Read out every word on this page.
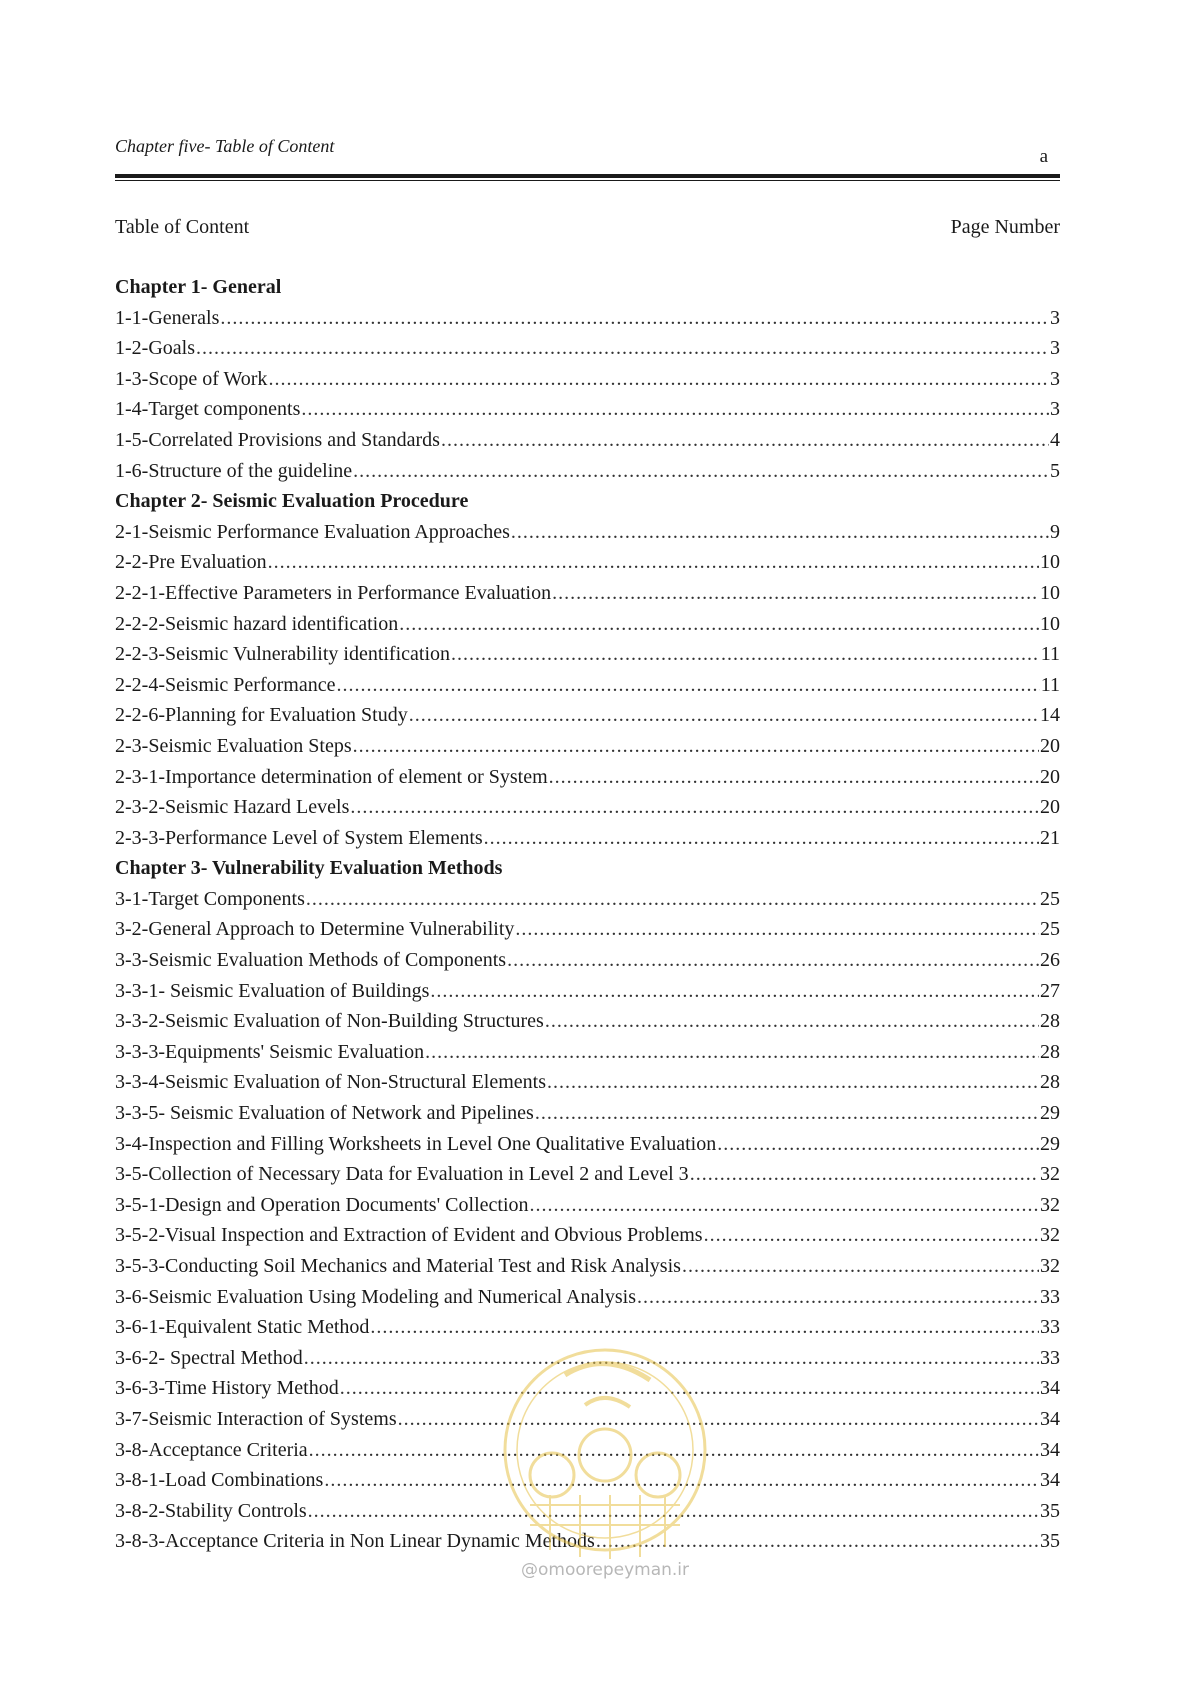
Chapter five- Table of Content	a
Table of Content	Page Number
Chapter 1- General
1-1-Generals .....	3
1-2-Goals .....	3
1-3-Scope of Work .....	3
1-4-Target components .....	3
1-5-Correlated Provisions and Standards .....	4
1-6-Structure of the guideline .....	5
Chapter 2- Seismic Evaluation Procedure
2-1-Seismic Performance Evaluation Approaches .....	9
2-2-Pre Evaluation .....	10
2-2-1-Effective Parameters in Performance Evaluation .....	10
2-2-2-Seismic hazard identification .....	10
2-2-3-Seismic Vulnerability identification .....	11
2-2-4-Seismic Performance .....	11
2-2-6-Planning for Evaluation Study .....	14
2-3-Seismic Evaluation Steps .....	20
2-3-1-Importance determination of element or System .....	20
2-3-2-Seismic Hazard Levels .....	20
2-3-3-Performance Level of System Elements .....	21
Chapter 3- Vulnerability Evaluation Methods
3-1-Target Components .....	25
3-2-General Approach to Determine Vulnerability .....	25
3-3-Seismic Evaluation Methods of Components .....	26
3-3-1- Seismic Evaluation of Buildings .....	27
3-3-2-Seismic Evaluation of Non-Building Structures .....	28
3-3-3-Equipments' Seismic Evaluation .....	28
3-3-4-Seismic Evaluation of Non-Structural Elements .....	28
3-3-5- Seismic Evaluation of Network and Pipelines .....	29
3-4-Inspection and Filling Worksheets in Level One Qualitative Evaluation .....	29
3-5-Collection of Necessary Data for Evaluation in Level 2 and Level 3 .....	32
3-5-1-Design and Operation Documents' Collection .....	32
3-5-2-Visual Inspection and Extraction of Evident and Obvious Problems .....	32
3-5-3-Conducting Soil Mechanics and Material Test and Risk Analysis .....	32
3-6-Seismic Evaluation Using Modeling and Numerical Analysis .....	33
3-6-1-Equivalent Static Method .....	33
3-6-2- Spectral Method .....	33
3-6-3-Time History Method .....	34
3-7-Seismic Interaction of Systems .....	34
3-8-Acceptance Criteria .....	34
3-8-1-Load Combinations .....	34
3-8-2-Stability Controls .....	35
3-8-3-Acceptance Criteria in Non Linear Dynamic Methods .....	35
@omoorepeyman.ir
